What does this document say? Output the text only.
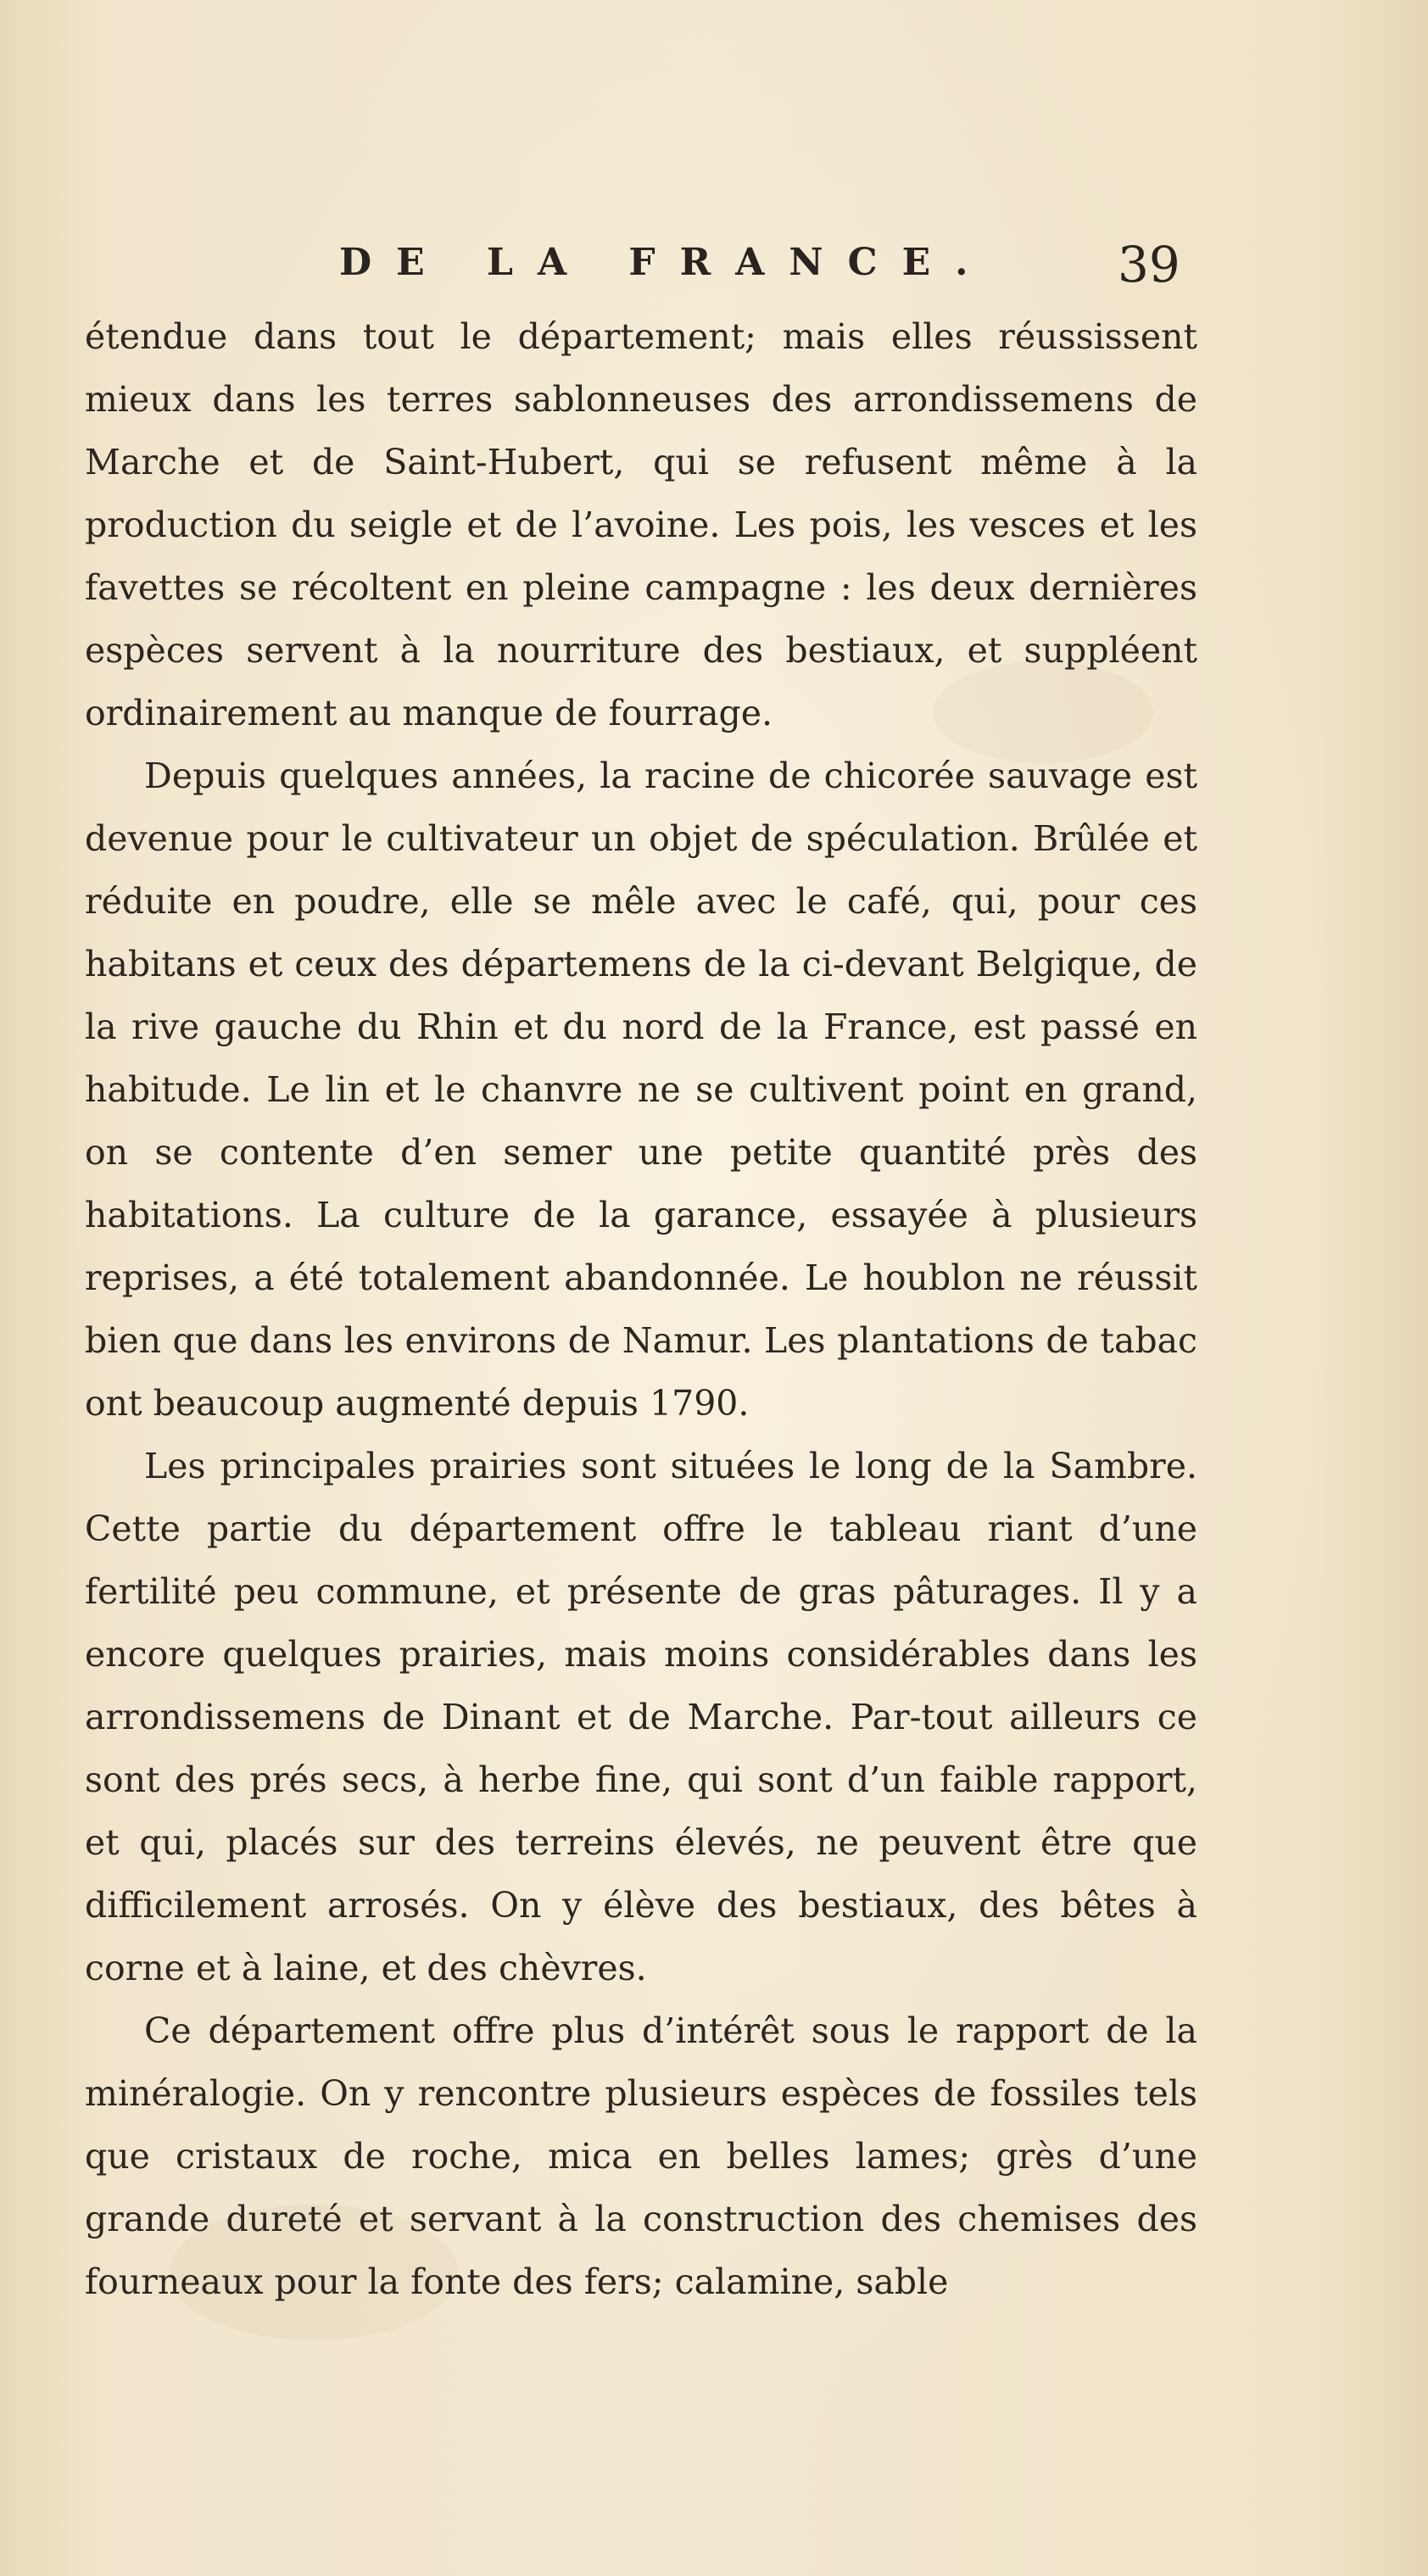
DE LA FRANCE.	39

étendue dans tout le département; mais elles réussissent mieux dans les terres sablonneuses des arrondissemens de Marche et de Saint-Hubert, qui se refusent même à la production du seigle et de l’avoine. Les pois, les vesces et les favettes se récoltent en pleine campagne : les deux dernières espèces servent à la nourriture des bestiaux, et suppléent ordinairement au manque de fourrage.

Depuis quelques années, la racine de chicorée sauvage est devenue pour le cultivateur un objet de spéculation. Brûlée et réduite en poudre, elle se mêle avec le café, qui, pour ces habitans et ceux des départemens de la ci-devant Belgique, de la rive gauche du Rhin et du nord de la France, est passé en habitude. Le lin et le chanvre ne se cultivent point en grand, on se contente d’en semer une petite quantité près des habitations. La culture de la garance, essayée à plusieurs reprises, a été totalement abandonnée. Le houblon ne réussit bien que dans les environs de Namur. Les plantations de tabac ont beaucoup augmenté depuis 1790.

Les principales prairies sont situées le long de la Sambre. Cette partie du département offre le tableau riant d’une fertilité peu commune, et présente de gras pâturages. Il y a encore quelques prairies, mais moins considérables dans les arrondissemens de Dinant et de Marche. Par-tout ailleurs ce sont des prés secs, à herbe fine, qui sont d’un faible rapport, et qui, placés sur des terreins élevés, ne peuvent être que difficilement arrosés. On y élève des bestiaux, des bêtes à corne et à laine, et des chèvres.

Ce département offre plus d’intérêt sous le rapport de la minéralogie. On y rencontre plusieurs espèces de fossiles tels que cristaux de roche, mica en belles lames; grès d’une grande dureté et servant à la construction des chemises des fourneaux pour la fonte des fers; calamine, sable
